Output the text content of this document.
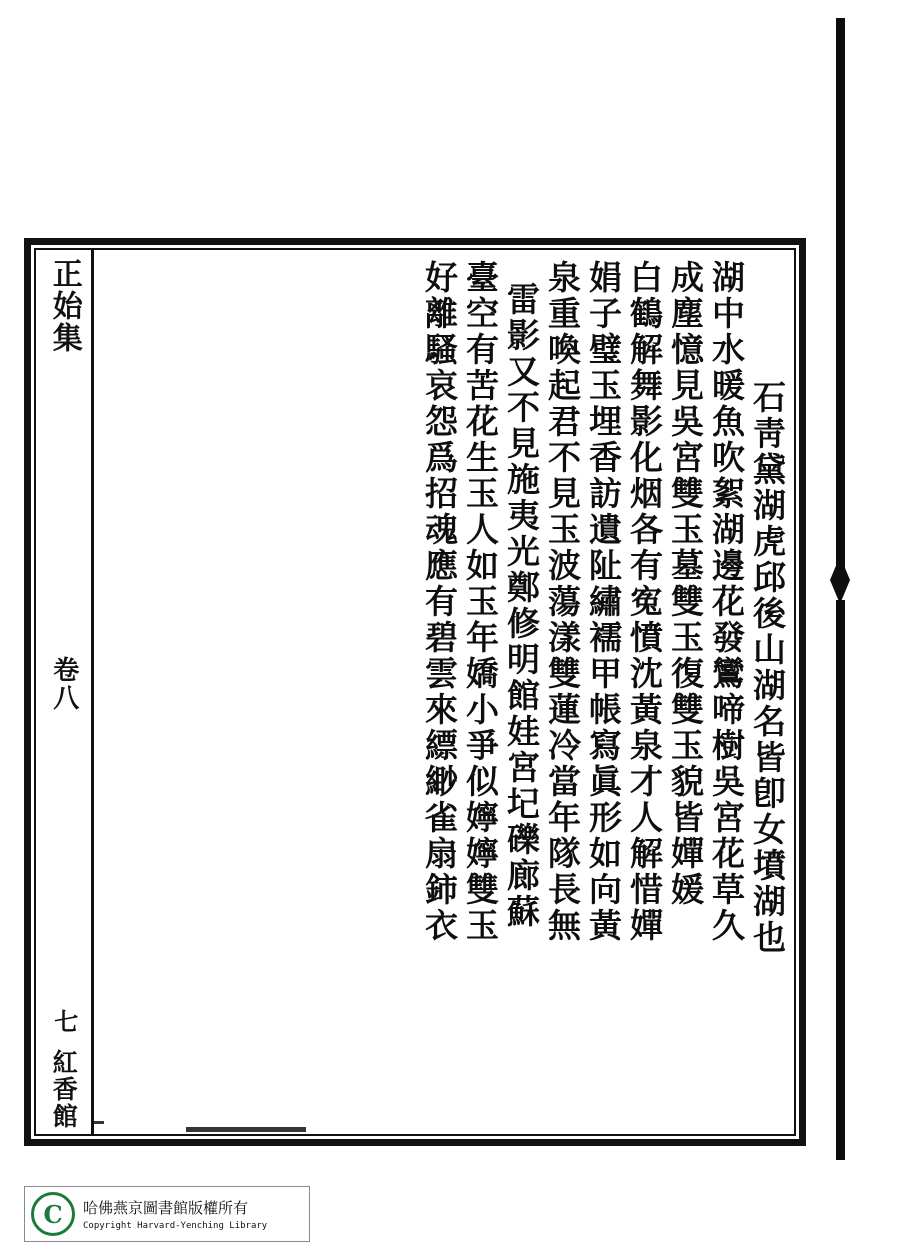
正始集
卷八
七
紅香館
石靑黛湖虎邱後山湖名皆卽女墳湖也
湖中水暖魚吹絮湖邊花發鸞啼樹吳宮花草久
成塵憶見吳宮雙玉墓雙玉復雙玉貌皆嬋媛
白鶴解舞影化烟各有寃憤沈黃泉才人解惜嬋
娟子璧玉埋香訪遺阯繡襦甲帳寫眞形如向黃
泉重喚起君不見玉波蕩漾雙蓮冷當年隊長無
雷影又不見施夷光鄭修明館娃宮圮礫廊蘇
臺空有苦花生玉人如玉年嬌小爭似嬣嬣雙玉
好離騷哀怨爲招魂應有碧雲來縹緲雀扇鈰衣
C	哈佛燕京圖書館版權所有
Copyright Harvard-Yenching Library
